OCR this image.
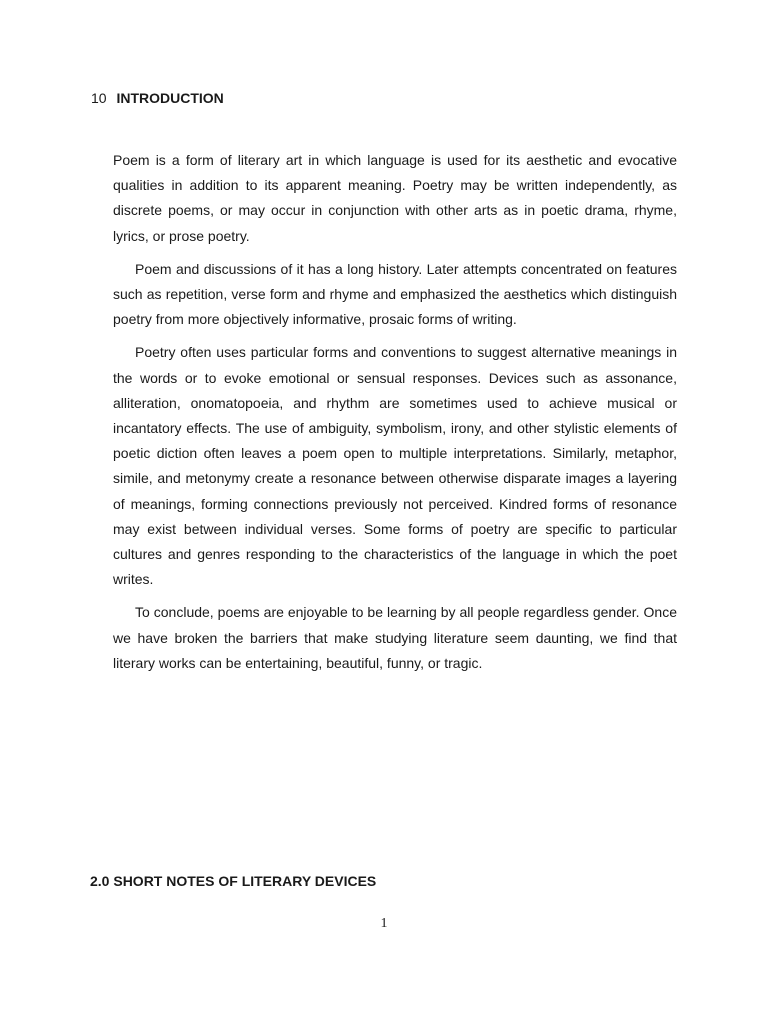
10 INTRODUCTION

Poem is a form of literary art in which language is used for its aesthetic and evocative qualities in addition to its apparent meaning. Poetry may be written independently, as discrete poems, or may occur in conjunction with other arts as in poetic drama, rhyme, lyrics, or prose poetry.

Poem and discussions of it has a long history. Later attempts concentrated on features such as repetition, verse form and rhyme and emphasized the aesthetics which distinguish poetry from more objectively informative, prosaic forms of writing.

Poetry often uses particular forms and conventions to suggest alternative meanings in the words or to evoke emotional or sensual responses. Devices such as assonance, alliteration, onomatopoeia, and rhythm are sometimes used to achieve musical or incantatory effects. The use of ambiguity, symbolism, irony, and other stylistic elements of poetic diction often leaves a poem open to multiple interpretations. Similarly, metaphor, simile, and metonymy create a resonance between otherwise disparate images a layering of meanings, forming connections previously not perceived. Kindred forms of resonance may exist between individual verses. Some forms of poetry are specific to particular cultures and genres responding to the characteristics of the language in which the poet writes.

To conclude, poems are enjoyable to be learning by all people regardless gender. Once we have broken the barriers that make studying literature seem daunting, we find that literary works can be entertaining, beautiful, funny, or tragic.

2.0 SHORT NOTES OF LITERARY DEVICES
1
